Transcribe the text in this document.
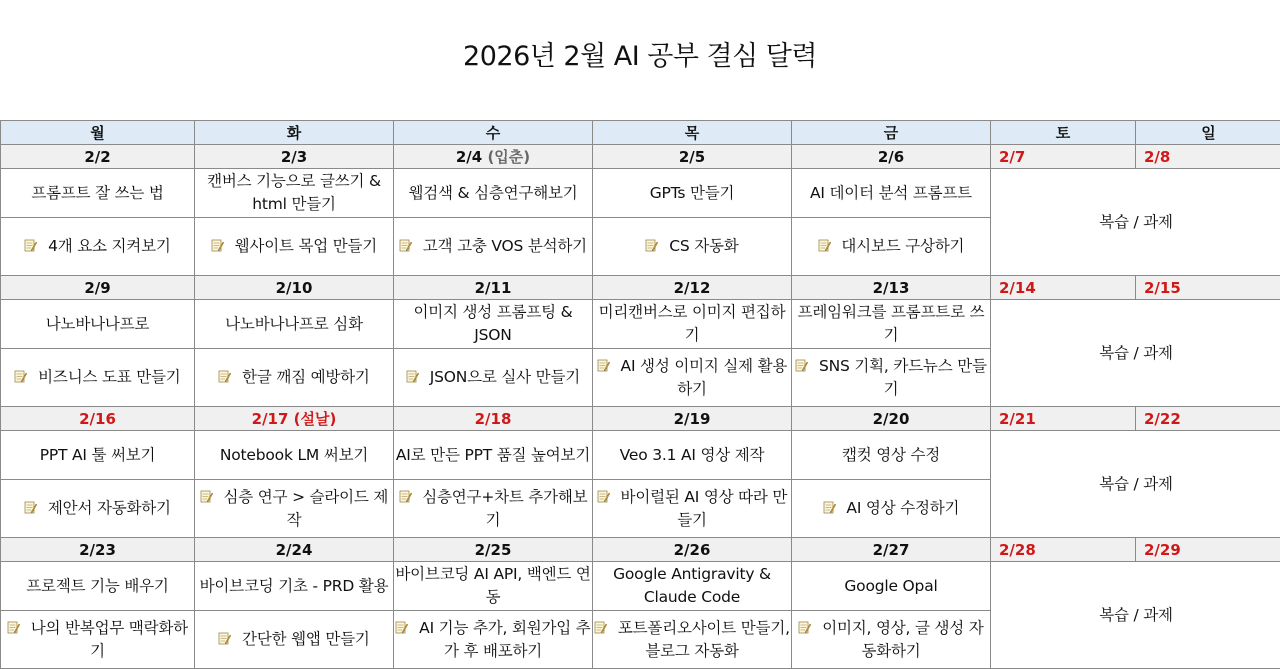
2026년 2월 AI 공부 결심 달력
월	화	수	목	금	토	일
2/2	2/3	2/4 (입춘)	2/5	2/6	2/7	2/8
프롬프트 잘 쓰는 법	캔버스 기능으로 글쓰기 & html 만들기	웹검색 & 심층연구해보기	GPTs 만들기	AI 데이터 분석 프롬프트	복습 / 과제	

4개 요소 지켜보기	웹사이트 목업 만들기	고객 고충 VOS 분석하기	CS 자동화	대시보드 구상하기		
2/9	2/10	2/11	2/12	2/13	2/14	2/15
나노바나나프로	나노바나나프로 심화	이미지 생성 프롬프팅 & JSON	미리캔버스로 이미지 편집하기	프레임워크를 프롬프트로 쓰기	복습 / 과제	

비즈니스 도표 만들기	한글 깨짐 예방하기	JSON으로 실사 만들기	AI 생성 이미지 실제 활용하기	SNS 기획, 카드뉴스 만들기		
2/16	2/17 (설날)	2/18	2/19	2/20	2/21	2/22
PPT AI 툴 써보기	Notebook LM 써보기	AI로 만든 PPT 품질 높여보기	Veo 3.1 AI 영상 제작	캡컷 영상 수정	복습 / 과제	

제안서 자동화하기	심층 연구 > 슬라이드 제작	심층연구+차트 추가해보기	바이럴된 AI 영상 따라 만들기	AI 영상 수정하기		
2/23	2/24	2/25	2/26	2/27	2/28	2/29
프로젝트 기능 배우기	바이브코딩 기초 - PRD 활용	바이브코딩 AI API, 백엔드 연동	Google Antigravity & Claude Code	Google Opal	복습 / 과제	

나의 반복업무 맥락화하기	간단한 웹앱 만들기	AI 기능 추가, 회원가입 추가 후 배포하기	포트폴리오사이트 만들기, 블로그 자동화	이미지, 영상, 글 생성 자동화하기		
